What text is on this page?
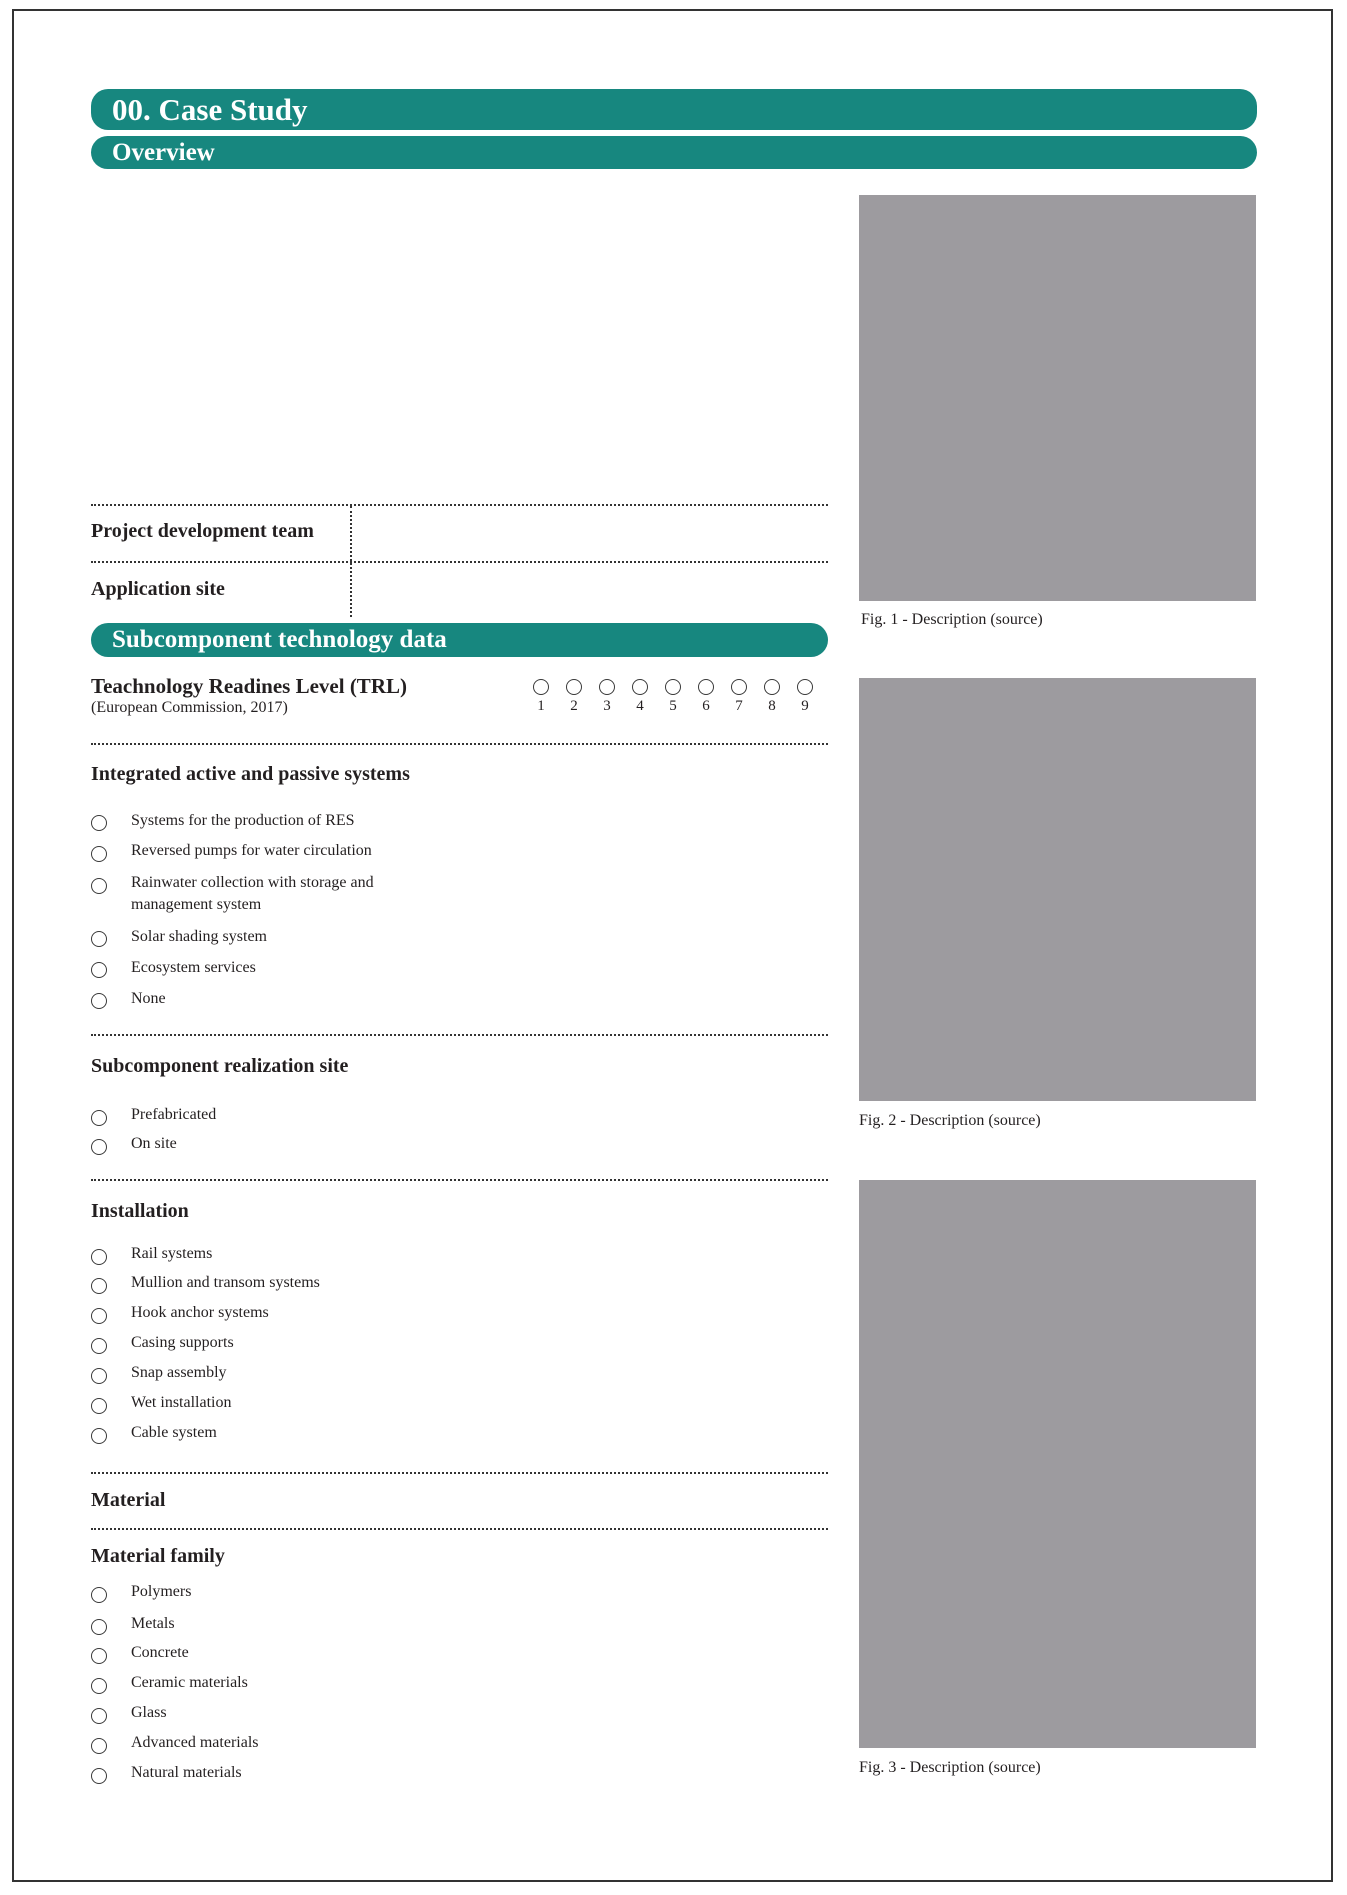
00. Case Study
Overview
Fig. 1 - Description (source)
Fig. 2 - Description (source)
Fig. 3 - Description (source)
Project development team
Application site
Subcomponent technology data
Teachnology Readines Level (TRL)
(European Commission, 2017)	1	2	3	4	5	6	7	8	9
Integrated active and passive systems
Systems for the production of RES
Reversed pumps for water circulation
Rainwater collection with storage and
management system
Solar shading system
Ecosystem services
None
Subcomponent realization site
Prefabricated
On site
Installation
Rail systems
Mullion and transom systems
Hook anchor systems
Casing supports
Snap assembly
Wet installation
Cable system
Material
Material family
Polymers
Metals
Concrete
Ceramic materials
Glass
Advanced materials
Natural materials
